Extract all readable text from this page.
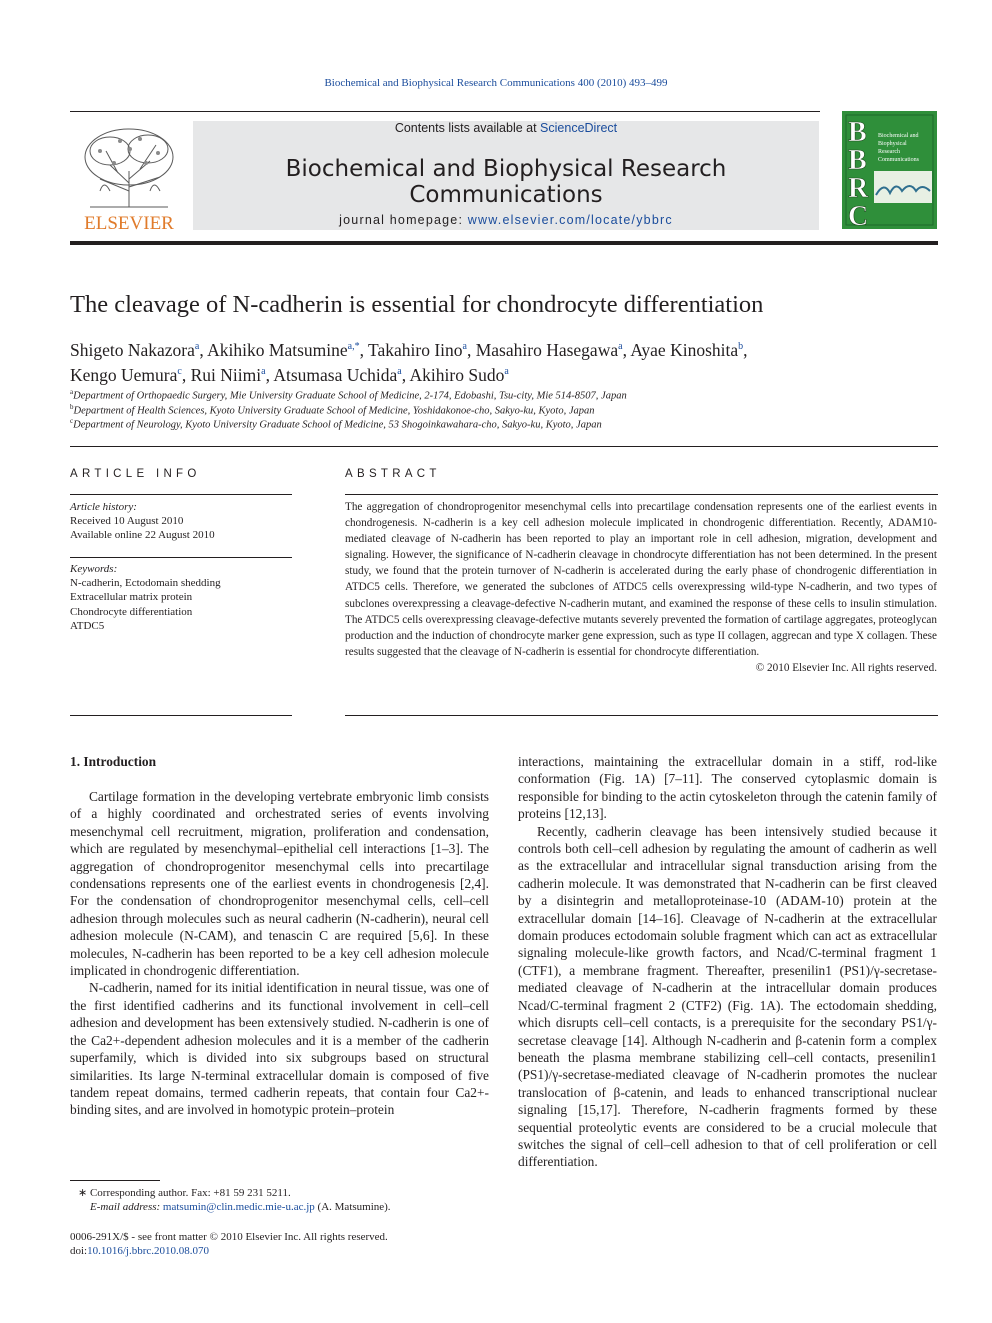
Biochemical and Biophysical Research Communications 400 (2010) 493–499
ELSEVIER
Contents lists available at ScienceDirect
Biochemical and Biophysical Research Communications
journal homepage: www.elsevier.com/locate/ybbrc
B B R C
Biochemical and
Biophysical
Research
Communications
The cleavage of N-cadherin is essential for chondrocyte differentiation
Shigeto Nakazora$^a$, Akihiko Matsumine$^{a,*}$, Takahiro Iino$^a$, Masahiro Hasegawa$^a$, Ayae Kinoshita$^b$,
Kengo Uemura$^c$, Rui Niimi$^a$, Atsumasa Uchida$^a$, Akihiro Sudo$^a$
$^a$Department of Orthopaedic Surgery, Mie University Graduate School of Medicine, 2-174, Edobashi, Tsu-city, Mie 514-8507, Japan
$^b$Department of Health Sciences, Kyoto University Graduate School of Medicine, Yoshidakonoe-cho, Sakyo-ku, Kyoto, Japan
$^c$Department of Neurology, Kyoto University Graduate School of Medicine, 53 Shogoinkawahara-cho, Sakyo-ku, Kyoto, Japan
ARTICLE INFO
Article history:
Received 10 August 2010
Available online 22 August 2010
Keywords:
N-cadherin, Ectodomain shedding
Extracellular matrix protein
Chondrocyte differentiation
ATDC5
ABSTRACT
The aggregation of chondroprogenitor mesenchymal cells into precartilage condensation represents one of the earliest events in chondrogenesis. N-cadherin is a key cell adhesion molecule implicated in chondrogenic differentiation. Recently, ADAM10-mediated cleavage of N-cadherin has been reported to play an important role in cell adhesion, migration, development and signaling. However, the significance of N-cadherin cleavage in chondrocyte differentiation has not been determined. In the present study, we found that the protein turnover of N-cadherin is accelerated during the early phase of chondrogenic differentiation in ATDC5 cells. Therefore, we generated the subclones of ATDC5 cells overexpressing wild-type N-cadherin, and two types of subclones overexpressing a cleavage-defective N-cadherin mutant, and examined the response of these cells to insulin stimulation. The ATDC5 cells overexpressing cleavage-defective mutants severely prevented the formation of cartilage aggregates, proteoglycan production and the induction of chondrocyte marker gene expression, such as type II collagen, aggrecan and type X collagen. These results suggested that the cleavage of N-cadherin is essential for chondrocyte differentiation.
© 2010 Elsevier Inc. All rights reserved.
1. Introduction

Cartilage formation in the developing vertebrate embryonic limb consists of a highly coordinated and orchestrated series of events involving mesenchymal cell recruitment, migration, proliferation and condensation, which are regulated by mesenchymal–epithelial cell interactions [1–3]. The aggregation of chondroprogenitor mesenchymal cells into precartilage condensations represents one of the earliest events in chondrogenesis [2,4]. For the condensation of chondroprogenitor mesenchymal cells, cell–cell adhesion through molecules such as neural cadherin (N-cadherin), neural cell adhesion molecule (N-CAM), and tenascin C are required [5,6]. In these molecules, N-cadherin has been reported to be a key cell adhesion molecule implicated in chondrogenic differentiation.

N-cadherin, named for its initial identification in neural tissue, was one of the first identified cadherins and its functional involvement in cell–cell adhesion and development has been extensively studied. N-cadherin is one of the Ca2+-dependent adhesion molecules and it is a member of the cadherin superfamily, which is divided into six subgroups based on structural similarities. Its large N-terminal extracellular domain is composed of five tandem repeat domains, termed cadherin repeats, that contain four Ca2+-binding sites, and are involved in homotypic protein–protein

interactions, maintaining the extracellular domain in a stiff, rod-like conformation (Fig. 1A) [7–11]. The conserved cytoplasmic domain is responsible for binding to the actin cytoskeleton through the catenin family of proteins [12,13].

Recently, cadherin cleavage has been intensively studied because it controls both cell–cell adhesion by regulating the amount of cadherin as well as the extracellular and intracellular signal transduction arising from the cadherin molecule. It was demonstrated that N-cadherin can be first cleaved by a disintegrin and metalloproteinase-10 (ADAM-10) protein at the extracellular domain [14–16]. Cleavage of N-cadherin at the extracellular domain produces ectodomain soluble fragment which can act as extracellular signaling molecule-like growth factors, and Ncad/C-terminal fragment 1 (CTF1), a membrane fragment. Thereafter, presenilin1 (PS1)/γ-secretase-mediated cleavage of N-cadherin at the intracellular domain produces Ncad/C-terminal fragment 2 (CTF2) (Fig. 1A). The ectodomain shedding, which disrupts cell–cell contacts, is a prerequisite for the secondary PS1/γ-secretase cleavage [14]. Although N-cadherin and β-catenin form a complex beneath the plasma membrane stabilizing cell–cell contacts, presenilin1 (PS1)/γ-secretase-mediated cleavage of N-cadherin promotes the nuclear translocation of β-catenin, and leads to enhanced transcriptional nuclear signaling [15,17]. Therefore, N-cadherin fragments formed by these sequential proteolytic events are considered to be a crucial molecule that switches the signal of cell–cell adhesion to that of cell proliferation or cell differentiation.

∗ Corresponding author. Fax: +81 59 231 5211.
E-mail address: matsumin@clin.medic.mie-u.ac.jp (A. Matsumine).
0006-291X/$ - see front matter © 2010 Elsevier Inc. All rights reserved.
doi:10.1016/j.bbrc.2010.08.070
